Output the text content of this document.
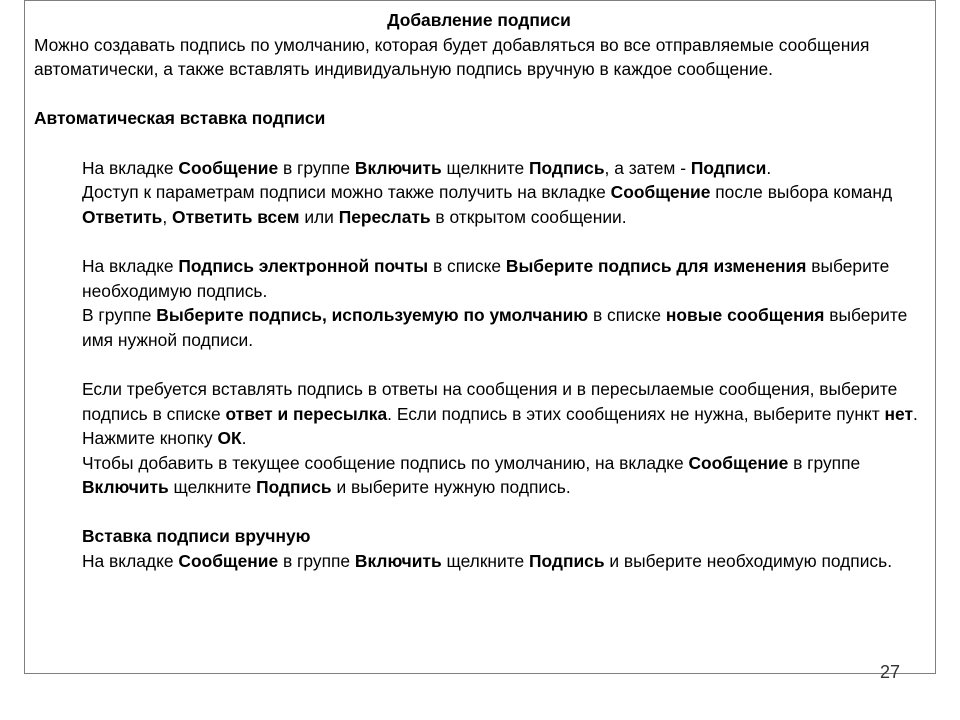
Добавление подписи

Можно создавать подпись по умолчанию, которая будет добавляться во все отправляемые сообщения автоматически, а также вставлять индивидуальную подпись вручную в каждое сообщение.

Автоматическая вставка подписи

На вкладке Сообщение в группе Включить щелкните Подпись, а затем - Подписи.

Доступ к параметрам подписи можно также получить на вкладке Сообщение после выбора команд Ответить, Ответить всем или Переслать в открытом сообщении.

На вкладке Подпись электронной почты в списке Выберите подпись для изменения выберите необходимую подпись.

В группе Выберите подпись, используемую по умолчанию в списке новые сообщения выберите имя нужной подписи.

Если требуется вставлять подпись в ответы на сообщения и в пересылаемые сообщения, выберите подпись в списке ответ и пересылка. Если подпись в этих сообщениях не нужна, выберите пункт нет.

Нажмите кнопку ОК.

Чтобы добавить в текущее сообщение подпись по умолчанию, на вкладке Сообщение в группе Включить щелкните Подпись и выберите нужную подпись.

Вставка подписи вручную

На вкладке Сообщение в группе Включить щелкните Подпись и выберите необходимую подпись.

27
